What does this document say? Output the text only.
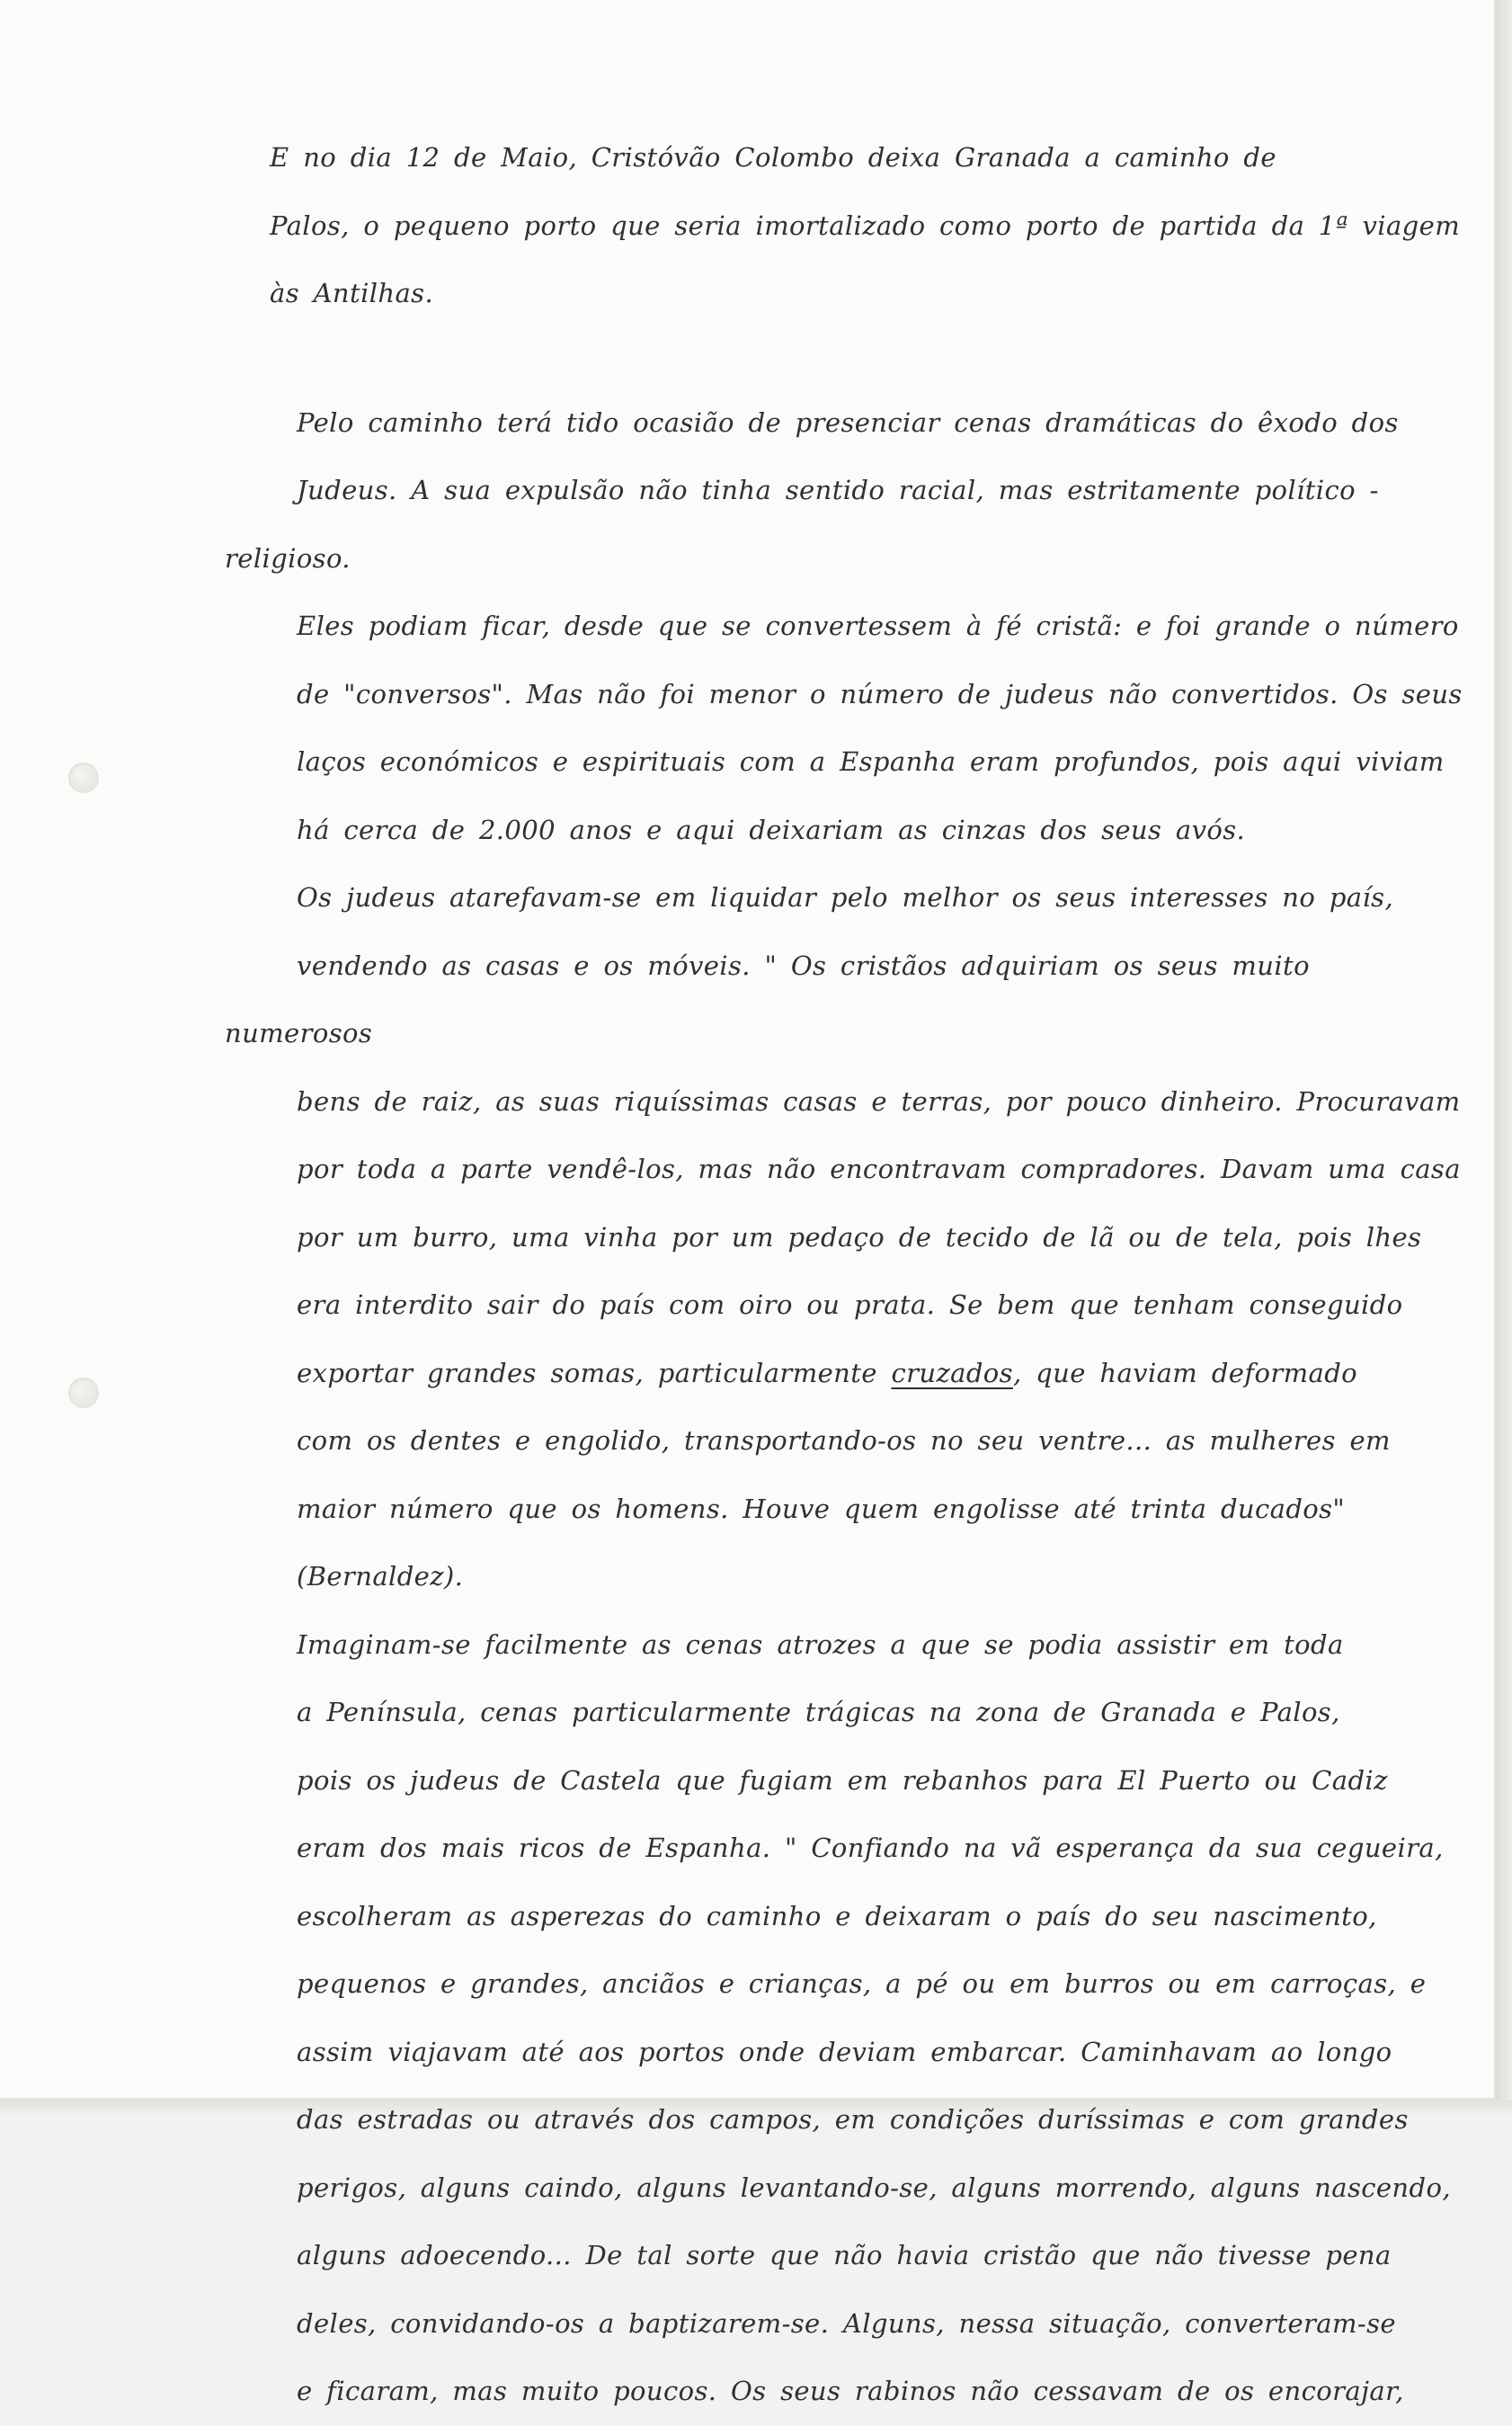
E no dia 12 de Maio, Cristóvão Colombo deixa Granada a caminho de
Palos, o pequeno porto que seria imortalizado como porto de partida da 1ª viagem
às Antilhas.

Pelo caminho terá tido ocasião de presenciar cenas dramáticas do êxodo dos
Judeus. A sua expulsão não tinha sentido racial, mas estritamente político - religioso.
Eles podiam ficar, desde que se convertessem à fé cristã: e foi grande o número
de "conversos". Mas não foi menor o número de judeus não convertidos. Os seus
laços económicos e espirituais com a Espanha eram profundos, pois aqui viviam
há cerca de 2.000 anos e aqui deixariam as cinzas dos seus avós.

Os judeus atarefavam-se em liquidar pelo melhor os seus interesses no país,
vendendo as casas e os móveis. " Os cristãos adquiriam os seus muito numerosos
bens de raiz, as suas riquíssimas casas e terras, por pouco dinheiro. Procuravam
por toda a parte vendê-los, mas não encontravam compradores. Davam uma casa
por um burro, uma vinha por um pedaço de tecido de lã ou de tela, pois lhes
era interdito sair do país com oiro ou prata. Se bem que tenham conseguido
exportar grandes somas, particularmente cruzados, que haviam deformado
com os dentes e engolido, transportando-os no seu ventre... as mulheres em
maior número que os homens. Houve quem engolisse até trinta ducados"
(Bernaldez).

Imaginam-se facilmente as cenas atrozes a que se podia assistir em toda
a Península, cenas particularmente trágicas na zona de Granada e Palos,
pois os judeus de Castela que fugiam em rebanhos para El Puerto ou Cadiz
eram dos mais ricos de Espanha. " Confiando na vã esperança da sua cegueira,
escolheram as asperezas do caminho e deixaram o país do seu nascimento,
pequenos e grandes, anciãos e crianças, a pé ou em burros ou em carroças, e
assim viajavam até aos portos onde deviam embarcar. Caminhavam ao longo
das estradas ou através dos campos, em condições duríssimas e com grandes
perigos, alguns caindo, alguns levantando-se, alguns morrendo, alguns nascendo,
alguns adoecendo... De tal sorte que não havia cristão que não tivesse pena
deles, convidando-os a baptizarem-se. Alguns, nessa situação, converteram-se
e ficaram, mas muito poucos. Os seus rabinos não cessavam de os encorajar,
